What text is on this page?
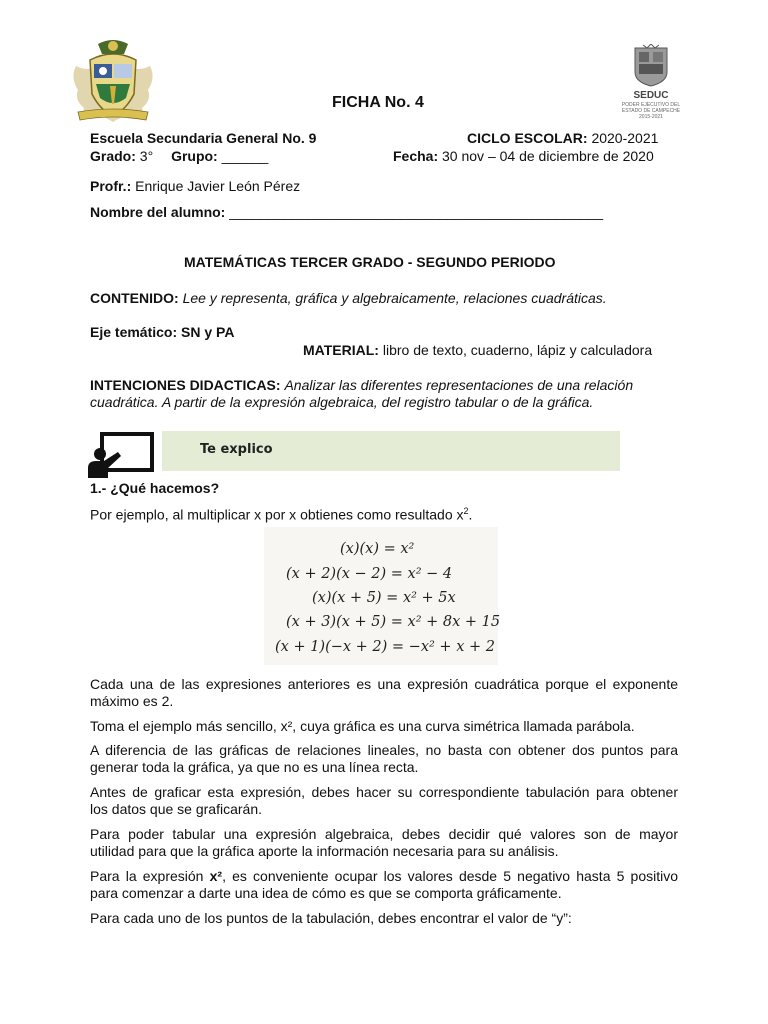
SEDUC
PODER EJECUTIVO DEL ESTADO DE CAMPECHE 2015-2021
FICHA No. 4
Escuela Secundaria General No. 9	CICLO ESCOLAR: 2020-2021
Grado: 3° Grupo: ______	Fecha: 30 nov – 04 de diciembre de 2020
Profr.: Enrique Javier León Pérez
Nombre del alumno: ________________________________________________
MATEMÁTICAS TERCER GRADO - SEGUNDO PERIODO
CONTENIDO: Lee y representa, gráfica y algebraicamente, relaciones cuadráticas.
Eje temático: SN y PA
MATERIAL: libro de texto, cuaderno, lápiz y calculadora
INTENCIONES DIDACTICAS: Analizar las diferentes representaciones de una relación
cuadrática. A partir de la expresión algebraica, del registro tabular o de la gráfica.
Te explico
1.- ¿Qué hacemos?
Por ejemplo, al multiplicar x por x obtienes como resultado $x^2$.
(x)(x) = x²
(x + 2)(x − 2) = x² − 4
(x)(x + 5) = x² + 5x
(x + 3)(x + 5) = x² + 8x + 15
(x + 1)(−x + 2) = −x² + x + 2
Cada una de las expresiones anteriores es una expresión cuadrática porque el exponente
máximo es 2.
Toma el ejemplo más sencillo, x², cuya gráfica es una curva simétrica llamada parábola.
A diferencia de las gráficas de relaciones lineales, no basta con obtener dos puntos para
generar toda la gráfica, ya que no es una línea recta.
Antes de graficar esta expresión, debes hacer su correspondiente tabulación para obtener
los datos que se graficarán.
Para poder tabular una expresión algebraica, debes decidir qué valores son de mayor
utilidad para que la gráfica aporte la información necesaria para su análisis.
Para la expresión x², es conveniente ocupar los valores desde 5 negativo hasta 5 positivo
para comenzar a darte una idea de cómo es que se comporta gráficamente.
Para cada uno de los puntos de la tabulación, debes encontrar el valor de “y”:
